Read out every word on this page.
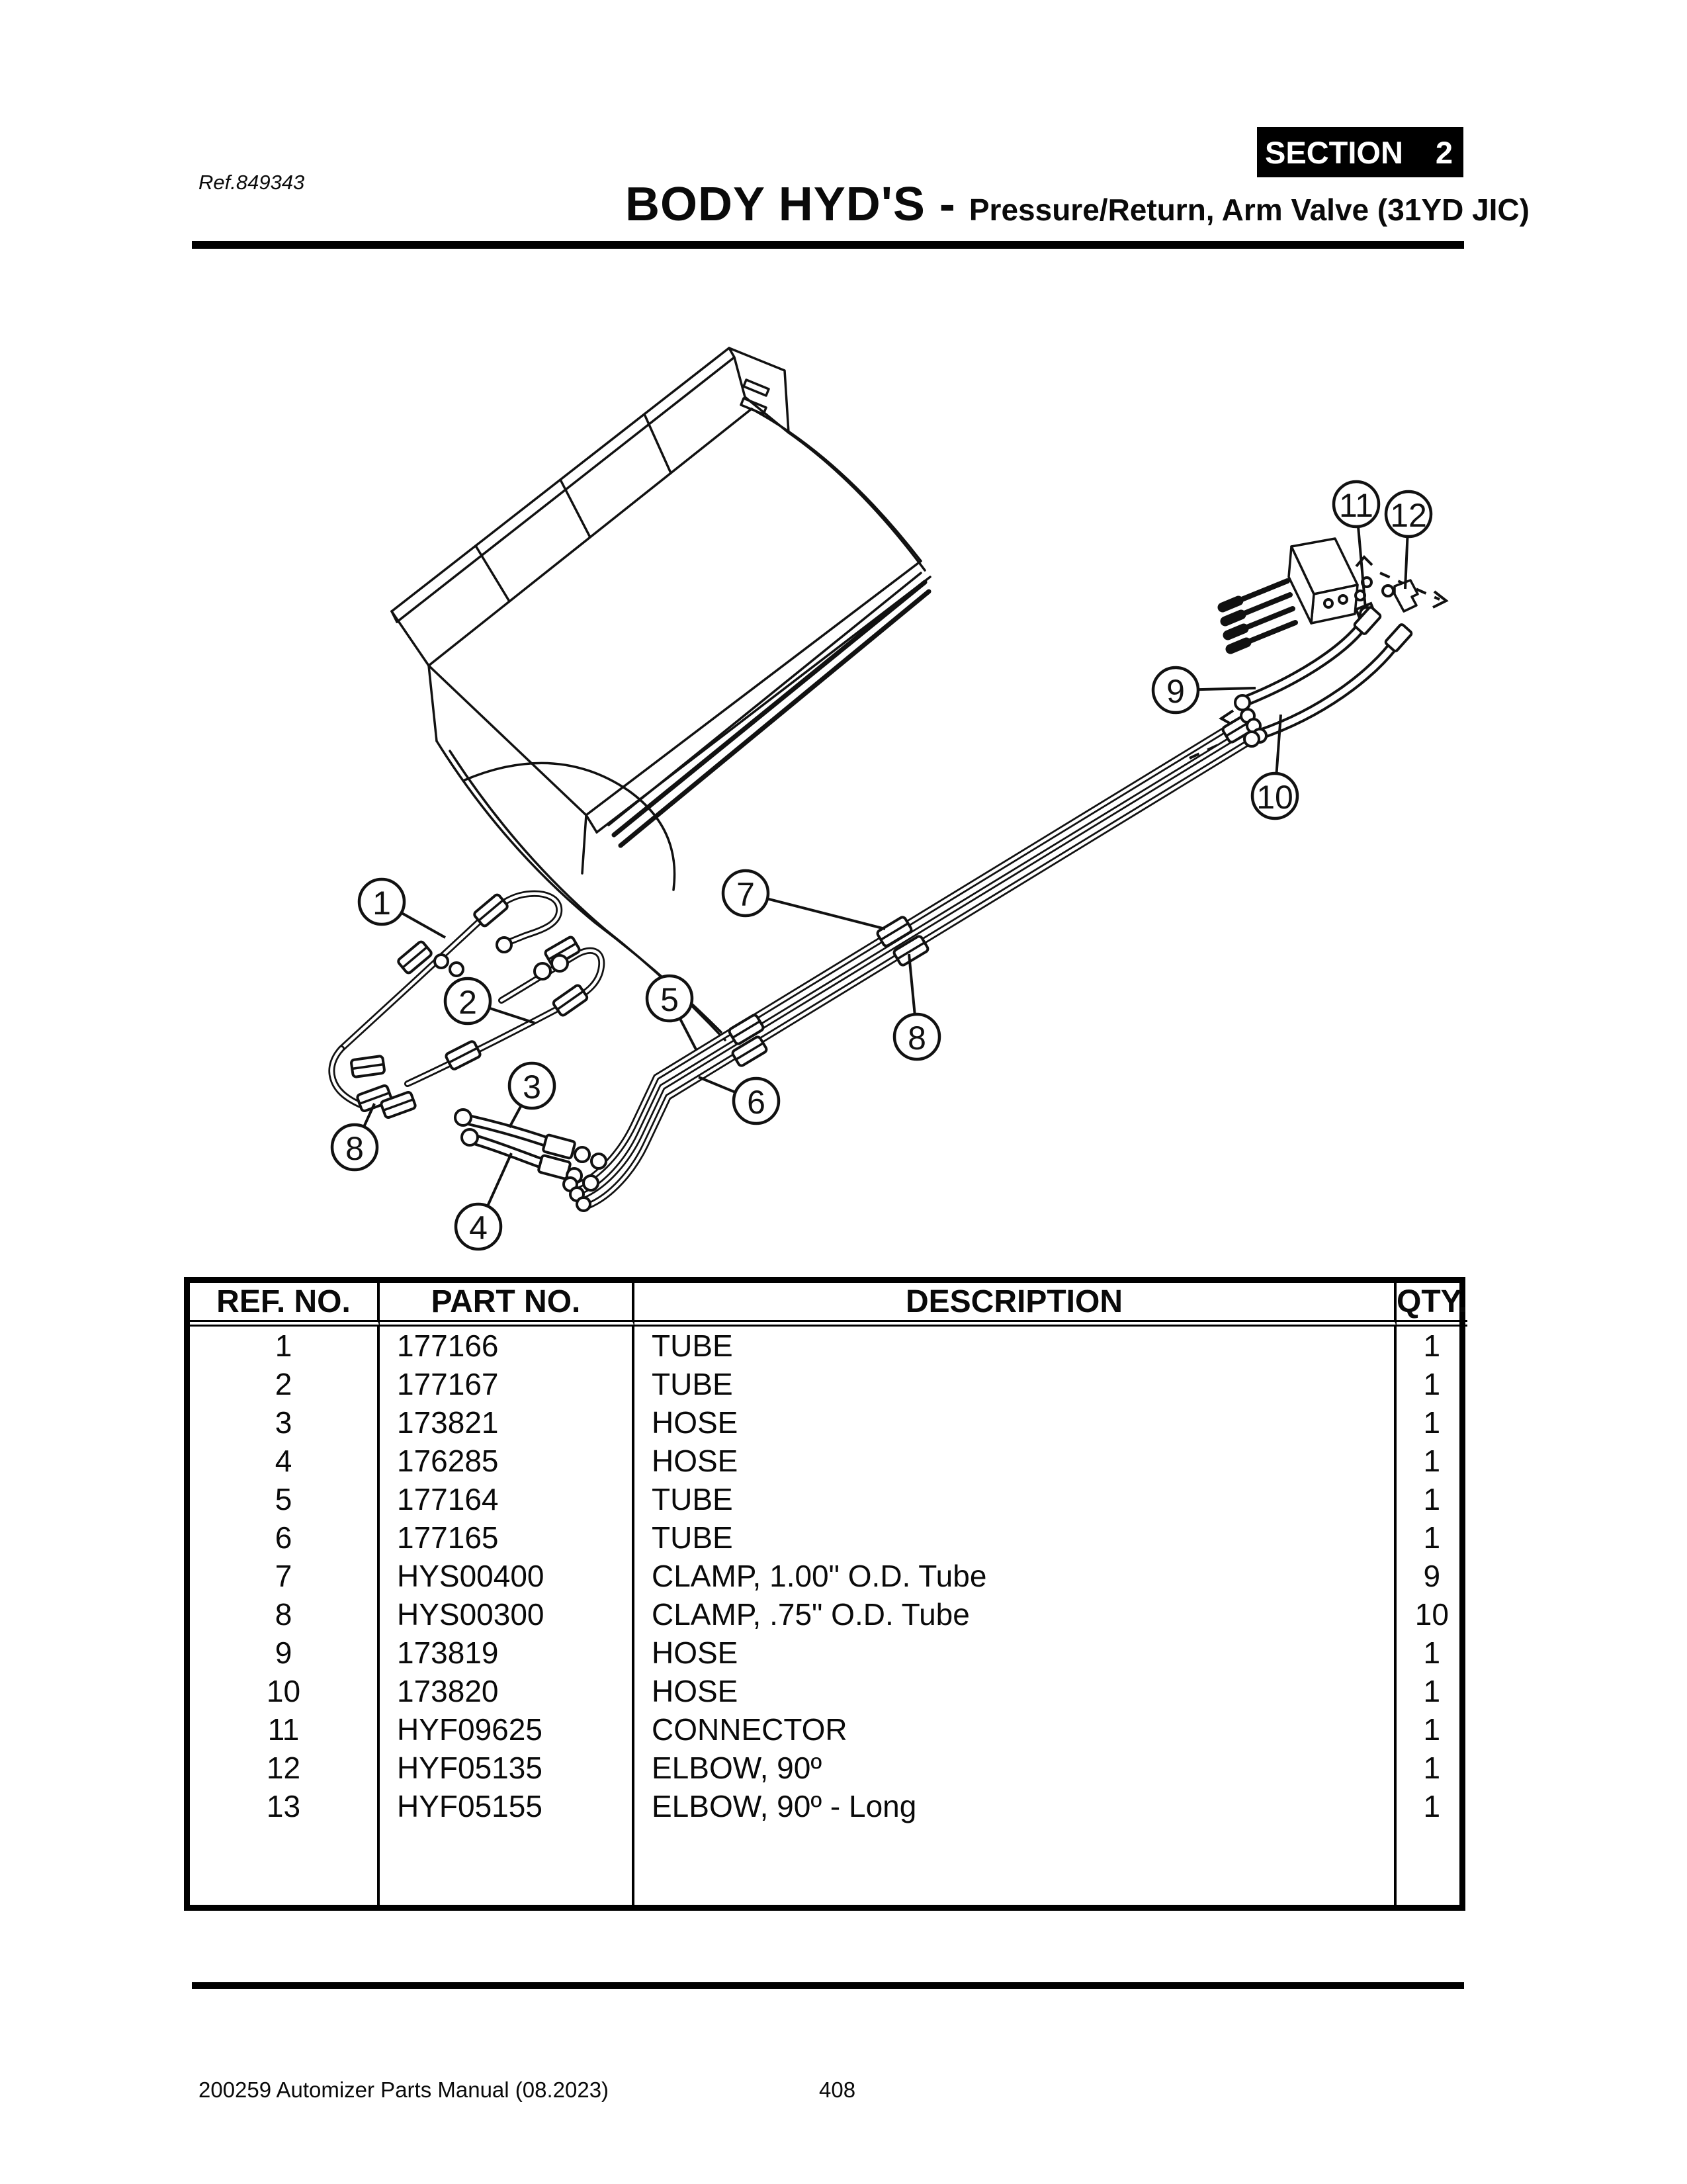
Ref.849343
SECTION 2
BODY HYD'S - Pressure/Return, Arm Valve (31YD JIC)
1
2
3
4
5
6
7
8
8
9
10
11 12
REF. NO.	PART NO.	DESCRIPTION	QTY.
1	177166	TUBE	1
2	177167	TUBE	1
3	173821	HOSE	1
4	176285	HOSE	1
5	177164	TUBE	1
6	177165	TUBE	1
7	HYS00400	CLAMP, 1.00" O.D. Tube	9
8	HYS00300	CLAMP, .75" O.D. Tube	10
9	173819	HOSE	1
10	173820	HOSE	1
11	HYF09625	CONNECTOR	1
12	HYF05135	ELBOW, 90º	1
13	HYF05155	ELBOW, 90º - Long	1
200259 Automizer Parts Manual (08.2023)	408
